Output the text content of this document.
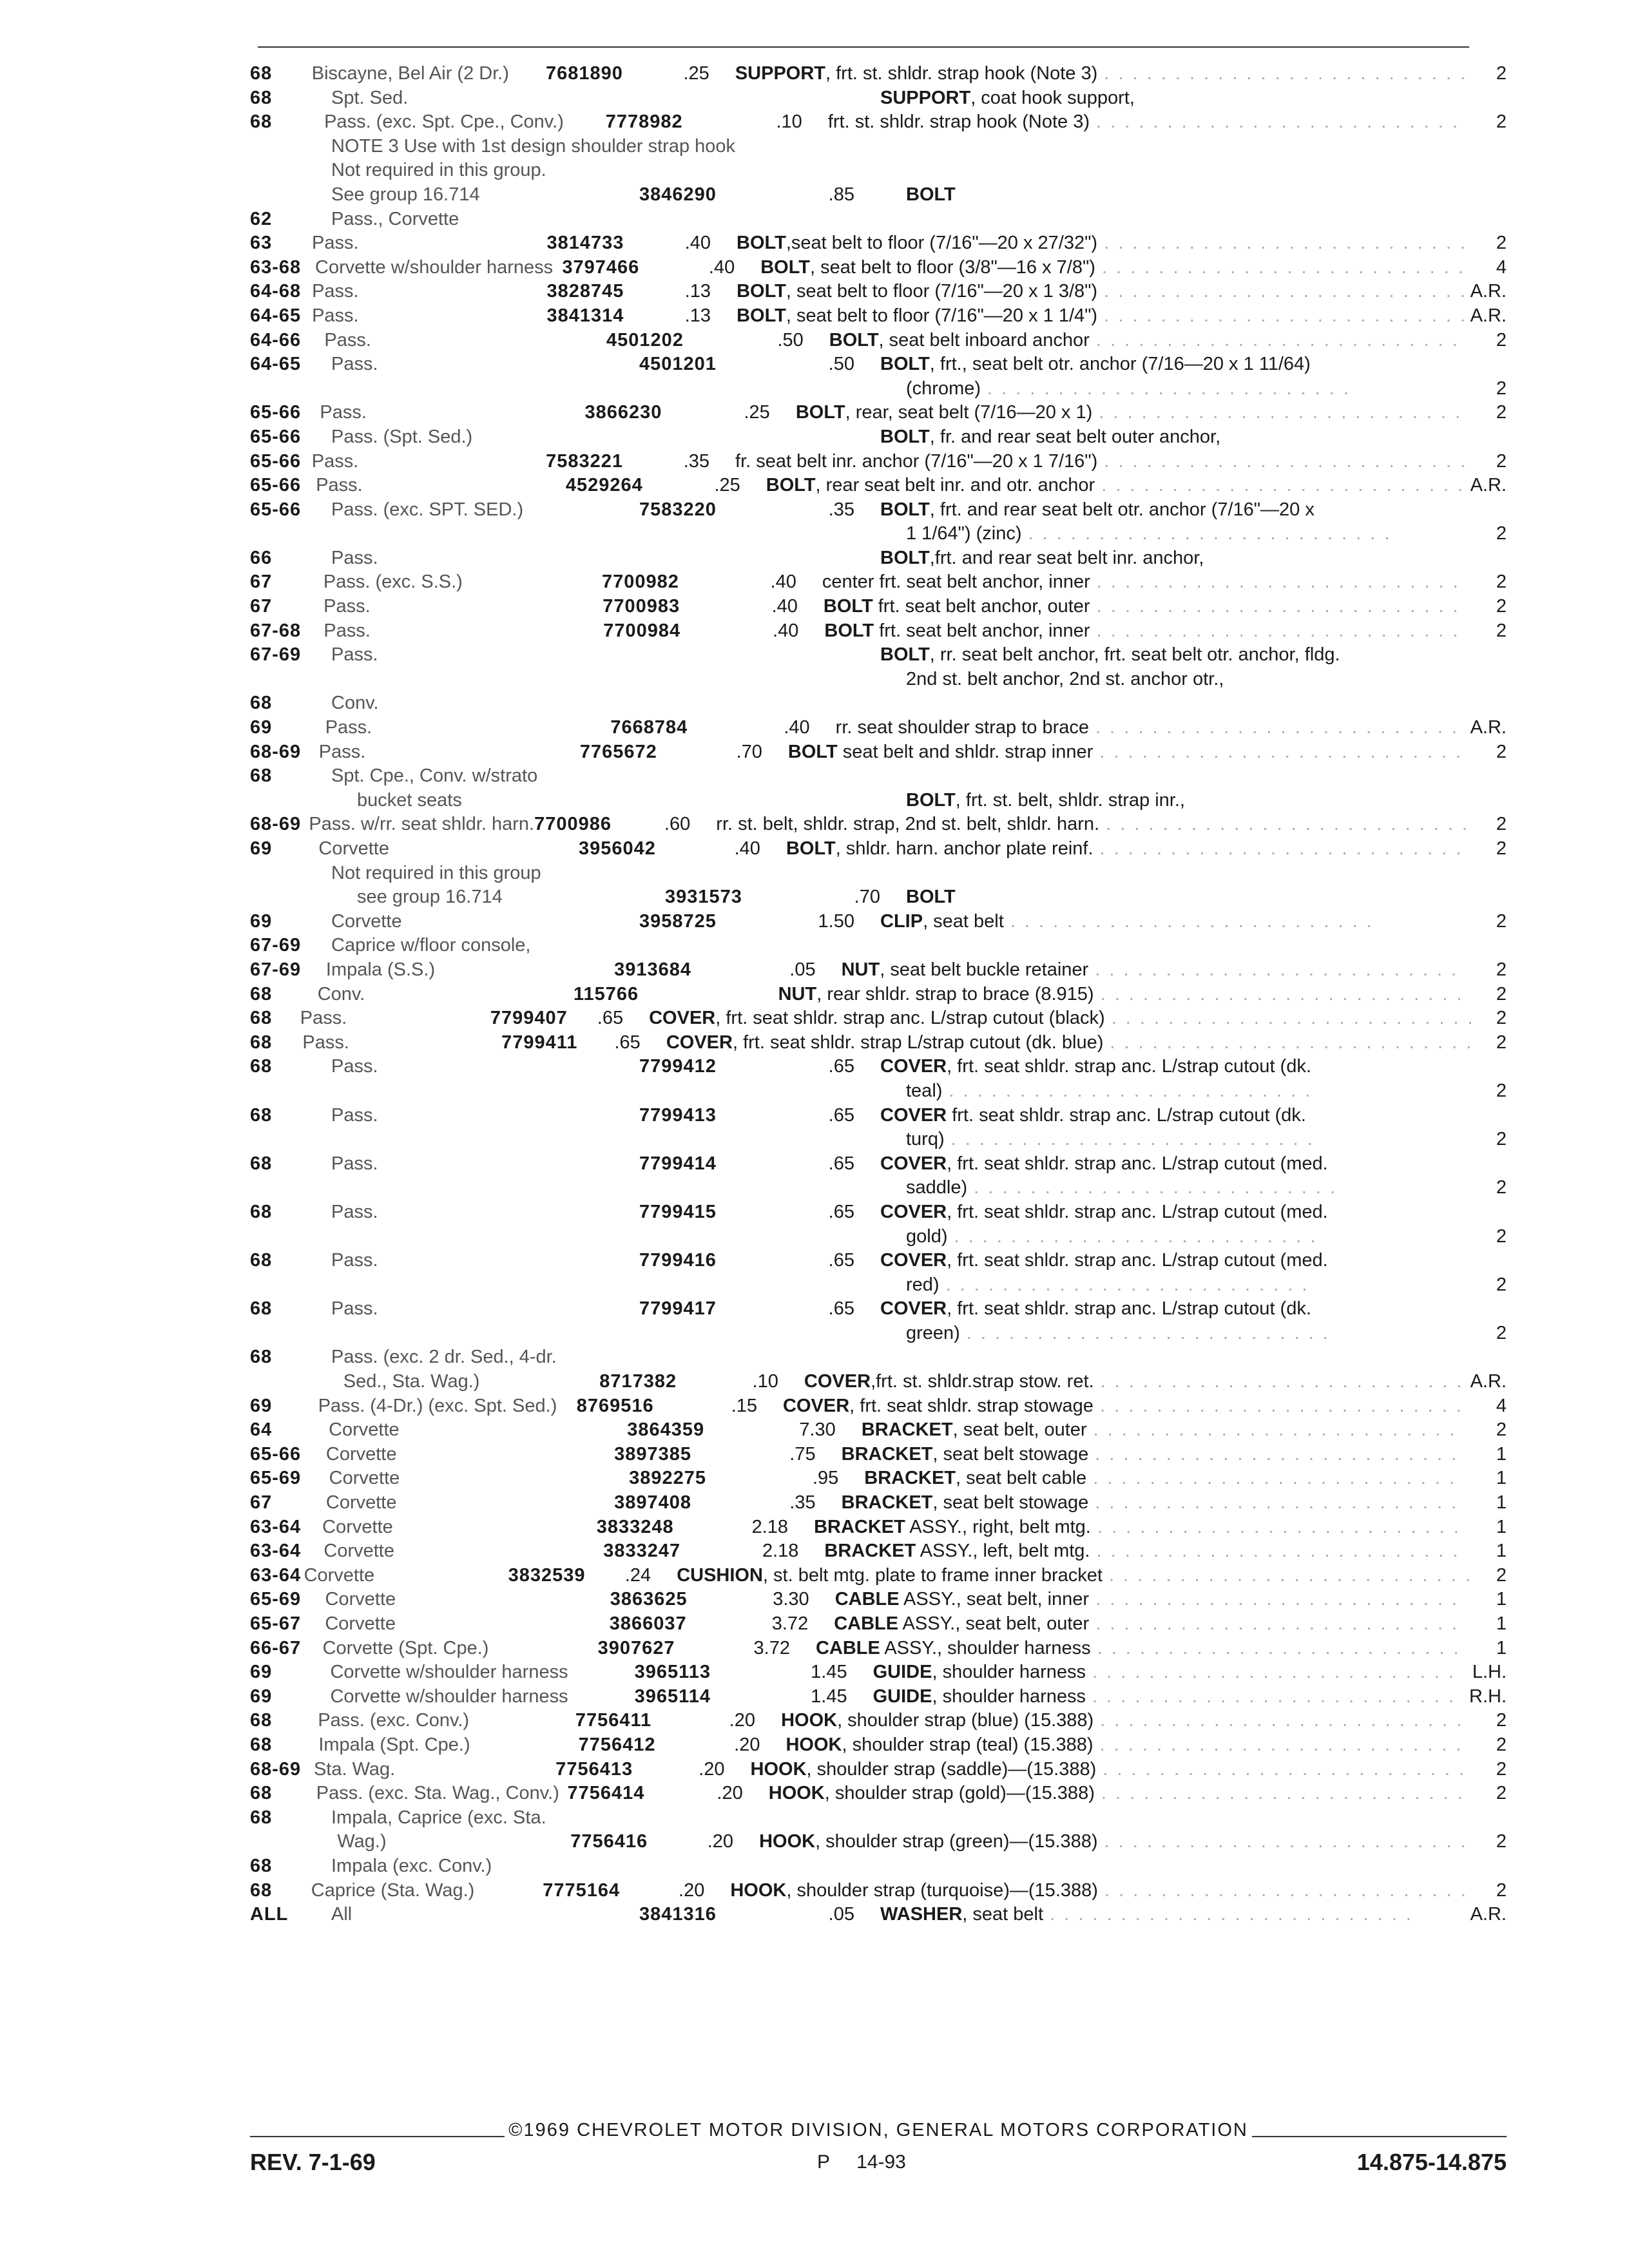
68	Biscayne, Bel Air (2 Dr.)	7681890	.25	SUPPORT, frt. st. shldr. strap hook (Note 3) . . . . . . . . . . . . . . . . . . . . . . . . . .	2
68	Spt. Sed.	SUPPORT, coat hook support,
68	Pass. (exc. Spt. Cpe., Conv.)	7778982	.10	frt. st. shldr. strap hook (Note 3) . . . . . . . . . . . . . . . . . . . . . . . . . .	2
NOTE 3 Use with 1st design shoulder strap hook
Not required in this group.
See group 16.714	3846290	.85	BOLT
62	Pass., Corvette
63	Pass.	3814733	.40	BOLT,seat belt to floor (7/16"—20 x 27/32") . . . . . . . . . . . . . . . . . . . . . . . . . .	2
63-68 Corvette w/shoulder harness 3797466	.40	BOLT, seat belt to floor (3/8"—16 x 7/8") . . . . . . . . . . . . . . . . . . . . . . . . . .	4
64-68 Pass.	3828745	.13	BOLT, seat belt to floor (7/16"—20 x 1 3/8") . . . . . . . . . . . . . . . . . . . . . . . . . . A.R.
64-65 Pass.	3841314	.13	BOLT, seat belt to floor (7/16"—20 x 1 1/4") . . . . . . . . . . . . . . . . . . . . . . . . . . A.R.
64-66	Pass.	4501202	.50	BOLT, seat belt inboard anchor . . . . . . . . . . . . . . . . . . . . . . . . . .	2
64-65	Pass.	4501201	.50	BOLT, frt., seat belt otr. anchor (7/16—20 x 1 11/64)
(chrome) . . . . . . . . . . . . . . . . . . . . . . . . . .	2
65-66	Pass.	3866230	.25	BOLT, rear, seat belt (7/16—20 x 1) . . . . . . . . . . . . . . . . . . . . . . . . . .	2
65-66	Pass. (Spt. Sed.)	BOLT, fr. and rear seat belt outer anchor,
65-66 Pass.	7583221	.35	fr. seat belt inr. anchor (7/16"—20 x 1 7/16") . . . . . . . . . . . . . . . . . . . . . . . . . .	2
65-66 Pass.	4529264	.25	BOLT, rear seat belt inr. and otr. anchor . . . . . . . . . . . . . . . . . . . . . . . . . . A.R.
65-66	Pass. (exc. SPT. SED.)	7583220	.35	BOLT, frt. and rear seat belt otr. anchor (7/16"—20 x
1 1/64") (zinc) . . . . . . . . . . . . . . . . . . . . . . . . . .	2
66	Pass.	BOLT,frt. and rear seat belt inr. anchor,
67	Pass. (exc. S.S.)	7700982	.40	center frt. seat belt anchor, inner . . . . . . . . . . . . . . . . . . . . . . . . . .	2
67	Pass.	7700983	.40	BOLT frt. seat belt anchor, outer . . . . . . . . . . . . . . . . . . . . . . . . . .	2
67-68	Pass.	7700984	.40	BOLT frt. seat belt anchor, inner . . . . . . . . . . . . . . . . . . . . . . . . . .	2
67-69	Pass.	BOLT, rr. seat belt anchor, frt. seat belt otr. anchor, fldg.
2nd st. belt anchor, 2nd st. anchor otr.,
68	Conv.
69	Pass.	7668784	.40	rr. seat shoulder strap to brace . . . . . . . . . . . . . . . . . . . . . . . . . . A.R.
68-69 Pass.	7765672	.70	BOLT seat belt and shldr. strap inner . . . . . . . . . . . . . . . . . . . . . . . . . .	2
68	Spt. Cpe., Conv. w/strato
bucket seats	BOLT, frt. st. belt, shldr. strap inr.,
68-69 Pass. w/rr. seat shldr. harn. 7700986	.60	rr. st. belt, shldr. strap, 2nd st. belt, shldr. harn. . . . . . . . . . . . . . . . . . . . . . . . . . .	2
69	Corvette	3956042	.40	BOLT, shldr. harn. anchor plate reinf. . . . . . . . . . . . . . . . . . . . . . . . . . .	2
Not required in this group
see group 16.714	3931573	.70	BOLT
69	Corvette	3958725	1.50	CLIP, seat belt . . . . . . . . . . . . . . . . . . . . . . . . . .	2
67-69	Caprice w/floor console,
67-69	Impala (S.S.)	3913684	.05	NUT, seat belt buckle retainer . . . . . . . . . . . . . . . . . . . . . . . . . .	2
68	Conv.	115766	NUT, rear shldr. strap to brace (8.915) . . . . . . . . . . . . . . . . . . . . . . . . . .	2
68	Pass.	7799407	.65	COVER, frt. seat shldr. strap anc. L/strap cutout (black) . . . . . . . . . . . . . . . . . . . . . . . . . .	2
68	Pass.	7799411	.65	COVER, frt. seat shldr. strap L/strap cutout (dk. blue) . . . . . . . . . . . . . . . . . . . . . . . . . .	2
68	Pass.	7799412	.65	COVER, frt. seat shldr. strap anc. L/strap cutout (dk.
teal) . . . . . . . . . . . . . . . . . . . . . . . . . .	2
68	Pass.	7799413	.65	COVER frt. seat shldr. strap anc. L/strap cutout (dk.
turq) . . . . . . . . . . . . . . . . . . . . . . . . . .	2
68	Pass.	7799414	.65	COVER, frt. seat shldr. strap anc. L/strap cutout (med.
saddle) . . . . . . . . . . . . . . . . . . . . . . . . . .	2
68	Pass.	7799415	.65	COVER, frt. seat shldr. strap anc. L/strap cutout (med.
gold) . . . . . . . . . . . . . . . . . . . . . . . . . .	2
68	Pass.	7799416	.65	COVER, frt. seat shldr. strap anc. L/strap cutout (med.
red) . . . . . . . . . . . . . . . . . . . . . . . . . .	2
68	Pass.	7799417	.65	COVER, frt. seat shldr. strap anc. L/strap cutout (dk.
green) . . . . . . . . . . . . . . . . . . . . . . . . . .	2
68	Pass. (exc. 2 dr. Sed., 4-dr.
Sed., Sta. Wag.)	8717382	.10	COVER,frt. st. shldr.strap stow. ret. . . . . . . . . . . . . . . . . . . . . . . . . . . A.R.
69	Pass. (4-Dr.) (exc. Spt. Sed.)	8769516	.15	COVER, frt. seat shldr. strap stowage . . . . . . . . . . . . . . . . . . . . . . . . . .	4
64	Corvette	3864359	7.30	BRACKET, seat belt, outer . . . . . . . . . . . . . . . . . . . . . . . . . .	2
65-66	Corvette	3897385	.75	BRACKET, seat belt stowage . . . . . . . . . . . . . . . . . . . . . . . . . .	1
65-69	Corvette	3892275	.95	BRACKET, seat belt cable . . . . . . . . . . . . . . . . . . . . . . . . . .	1
67	Corvette	3897408	.35	BRACKET, seat belt stowage . . . . . . . . . . . . . . . . . . . . . . . . . .	1
63-64	Corvette	3833248	2.18	BRACKET ASSY., right, belt mtg. . . . . . . . . . . . . . . . . . . . . . . . . . .	1
63-64	Corvette	3833247	2.18	BRACKET ASSY., left, belt mtg. . . . . . . . . . . . . . . . . . . . . . . . . . .	1
63-64 Corvette	3832539	.24	CUSHION, st. belt mtg. plate to frame inner bracket . . . . . . . . . . . . . . . . . . . . . . . . . .	2
65-69	Corvette	3863625	3.30	CABLE ASSY., seat belt, inner . . . . . . . . . . . . . . . . . . . . . . . . . .	1
65-67	Corvette	3866037	3.72	CABLE ASSY., seat belt, outer . . . . . . . . . . . . . . . . . . . . . . . . . .	1
66-67	Corvette (Spt. Cpe.)	3907627	3.72	CABLE ASSY., shoulder harness . . . . . . . . . . . . . . . . . . . . . . . . . .	1
69	Corvette w/shoulder harness	3965113	1.45	GUIDE, shoulder harness . . . . . . . . . . . . . . . . . . . . . . . . . . L.H.
69	Corvette w/shoulder harness	3965114	1.45	GUIDE, shoulder harness . . . . . . . . . . . . . . . . . . . . . . . . . . R.H.
68	Pass. (exc. Conv.)	7756411	.20	HOOK, shoulder strap (blue) (15.388) . . . . . . . . . . . . . . . . . . . . . . . . . .	2
68	Impala (Spt. Cpe.)	7756412	.20	HOOK, shoulder strap (teal) (15.388) . . . . . . . . . . . . . . . . . . . . . . . . . .	2
68-69 Sta. Wag.	7756413	.20	HOOK, shoulder strap (saddle)—(15.388) . . . . . . . . . . . . . . . . . . . . . . . . . .	2
68	Pass. (exc. Sta. Wag., Conv.) 7756414	.20	HOOK, shoulder strap (gold)—(15.388) . . . . . . . . . . . . . . . . . . . . . . . . . .	2
68	Impala, Caprice (exc. Sta.
Wag.)	7756416	.20	HOOK, shoulder strap (green)—(15.388) . . . . . . . . . . . . . . . . . . . . . . . . . .	2
68	Impala (exc. Conv.)
68	Caprice (Sta. Wag.)	7775164	.20	HOOK, shoulder strap (turquoise)—(15.388) . . . . . . . . . . . . . . . . . . . . . . . . . .	2
ALL	All	3841316	.05	WASHER, seat belt . . . . . . . . . . . . . . . . . . . . . . . . . .	A.R.
©1969 CHEVROLET MOTOR DIVISION, GENERAL MOTORS CORPORATION
REV. 7-1-69	P     14-93	14.875-14.875
